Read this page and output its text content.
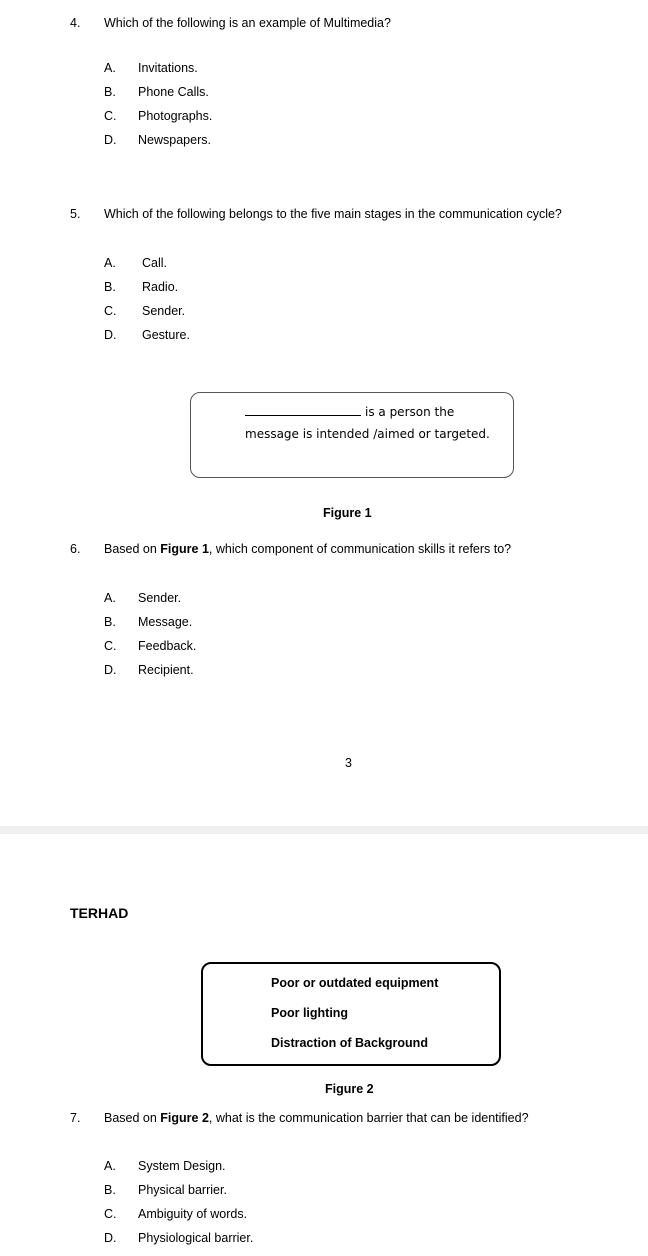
4. Which of the following is an example of Multimedia?
A. Invitations.
B. Phone Calls.
C. Photographs.
D. Newspapers.
5. Which of the following belongs to the five main stages in the communication cycle?
A. Call.
B. Radio.
C. Sender.
D. Gesture.
is a person the message is intended /aimed or targeted.
Figure 1
6. Based on Figure 1, which component of communication skills it refers to?
A. Sender.
B. Message.
C. Feedback.
D. Recipient.
3
TERHAD
Poor or outdated equipment
Poor lighting
Distraction of Background
Figure 2
7. Based on Figure 2, what is the communication barrier that can be identified?
A. System Design.
B. Physical barrier.
C. Ambiguity of words.
D. Physiological barrier.
